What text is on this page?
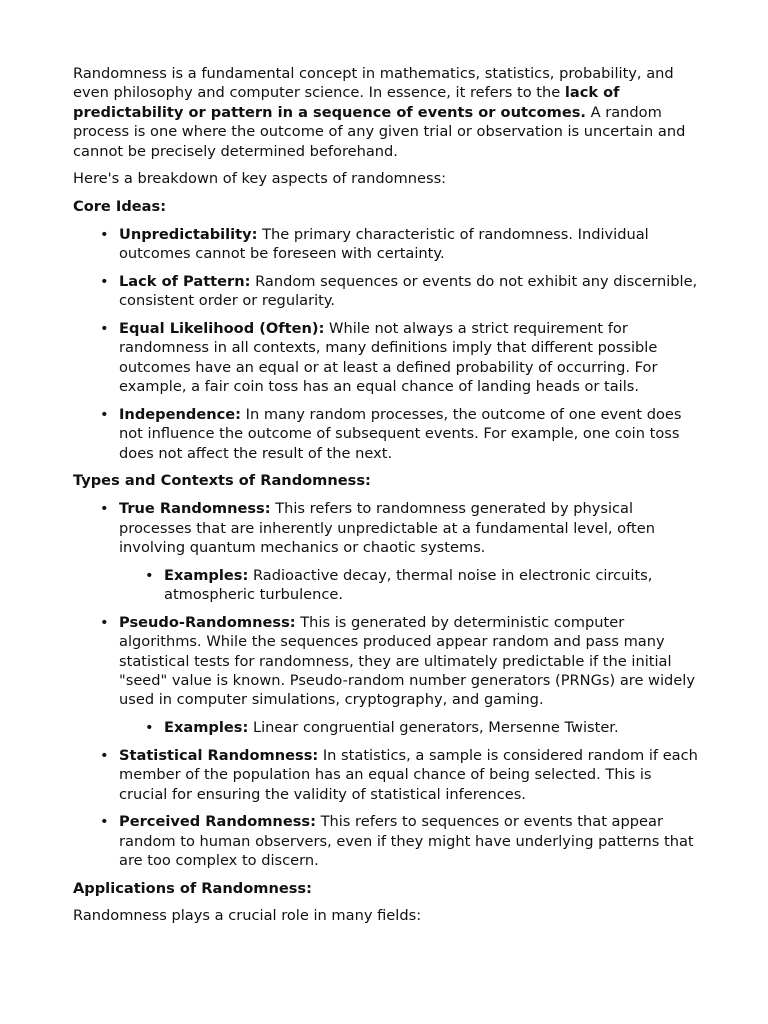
Randomness is a fundamental concept in mathematics, statistics, probability, and even philosophy and computer science. In essence, it refers to the lack of predictability or pattern in a sequence of events or outcomes. A random process is one where the outcome of any given trial or observation is uncertain and cannot be precisely determined beforehand.

Here's a breakdown of key aspects of randomness:

Core Ideas:

• Unpredictability: The primary characteristic of randomness. Individual outcomes cannot be foreseen with certainty.
• Lack of Pattern: Random sequences or events do not exhibit any discernible, consistent order or regularity.
• Equal Likelihood (Often): While not always a strict requirement for randomness in all contexts, many definitions imply that different possible outcomes have an equal or at least a defined probability of occurring. For example, a fair coin toss has an equal chance of landing heads or tails.
• Independence: In many random processes, the outcome of one event does not influence the outcome of subsequent events. For example, one coin toss does not affect the result of the next.

Types and Contexts of Randomness:

• True Randomness: This refers to randomness generated by physical processes that are inherently unpredictable at a fundamental level, often involving quantum mechanics or chaotic systems.
• Examples: Radioactive decay, thermal noise in electronic circuits, atmospheric turbulence.
• Pseudo-Randomness: This is generated by deterministic computer algorithms. While the sequences produced appear random and pass many statistical tests for randomness, they are ultimately predictable if the initial "seed" value is known. Pseudo-random number generators (PRNGs) are widely used in computer simulations, cryptography, and gaming.
• Examples: Linear congruential generators, Mersenne Twister.
• Statistical Randomness: In statistics, a sample is considered random if each member of the population has an equal chance of being selected. This is crucial for ensuring the validity of statistical inferences.
• Perceived Randomness: This refers to sequences or events that appear random to human observers, even if they might have underlying patterns that are too complex to discern.

Applications of Randomness:

Randomness plays a crucial role in many fields:
